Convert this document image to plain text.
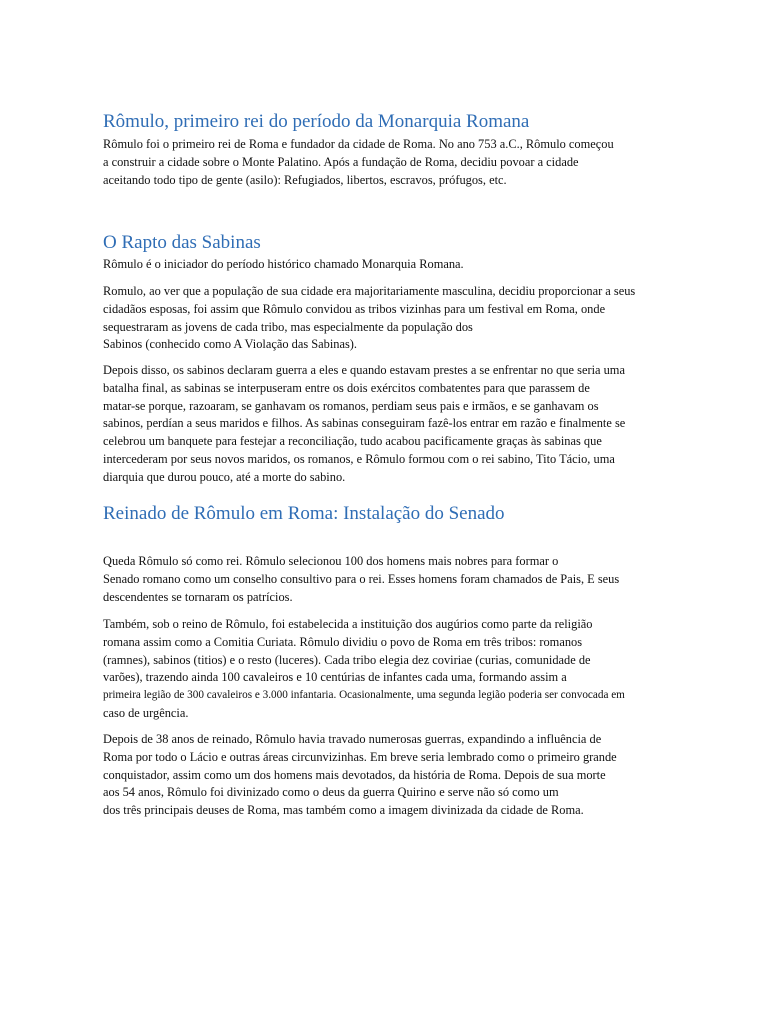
Rômulo, primeiro rei do período da Monarquia Romana

Rômulo foi o primeiro rei de Roma e fundador da cidade de Roma. No ano 753 a.C., Rômulo começou
a construir a cidade sobre o Monte Palatino. Após a fundação de Roma, decidiu povoar a cidade
aceitando todo tipo de gente (asilo): Refugiados, libertos, escravos, prófugos, etc.

O Rapto das Sabinas

Rômulo é o iniciador do período histórico chamado Monarquia Romana.

Romulo, ao ver que a população de sua cidade era majoritariamente masculina, decidiu proporcionar a seus
cidadãos esposas, foi assim que Rômulo convidou as tribos vizinhas para um festival em Roma, onde
sequestraram as jovens de cada tribo, mas especialmente da população dos
Sabinos (conhecido como A Violação das Sabinas).

Depois disso, os sabinos declaram guerra a eles e quando estavam prestes a se enfrentar no que seria uma
batalha final, as sabinas se interpuseram entre os dois exércitos combatentes para que parassem de
matar-se porque, razoaram, se ganhavam os romanos, perdiam seus pais e irmãos, e se ganhavam os
sabinos, perdían a seus maridos e filhos. As sabinas conseguiram fazê-los entrar em razão e finalmente se
celebrou um banquete para festejar a reconciliação, tudo acabou pacificamente graças às sabinas que
intercederam por seus novos maridos, os romanos, e Rômulo formou com o rei sabino, Tito Tácio, uma
diarquia que durou pouco, até a morte do sabino.

Reinado de Rômulo em Roma: Instalação do Senado

Queda Rômulo só como rei. Rômulo selecionou 100 dos homens mais nobres para formar o
Senado romano como um conselho consultivo para o rei. Esses homens foram chamados de Pais, E seus
descendentes se tornaram os patrícios.

Também, sob o reino de Rômulo, foi estabelecida a instituição dos augúrios como parte da religião
romana assim como a Comitia Curiata. Rômulo dividiu o povo de Roma em três tribos: romanos
(ramnes), sabinos (titios) e o resto (luceres). Cada tribo elegia dez coviriae (curias, comunidade de
varões), trazendo ainda 100 cavaleiros e 10 centúrias de infantes cada uma, formando assim a
primeira legião de 300 cavaleiros e 3.000 infantaria. Ocasionalmente, uma segunda legião poderia ser convocada em
caso de urgência.

Depois de 38 anos de reinado, Rômulo havia travado numerosas guerras, expandindo a influência de
Roma por todo o Lácio e outras áreas circunvizinhas. Em breve seria lembrado como o primeiro grande
conquistador, assim como um dos homens mais devotados, da história de Roma. Depois de sua morte
aos 54 anos, Rômulo foi divinizado como o deus da guerra Quirino e serve não só como um
dos três principais deuses de Roma, mas também como a imagem divinizada da cidade de Roma.
